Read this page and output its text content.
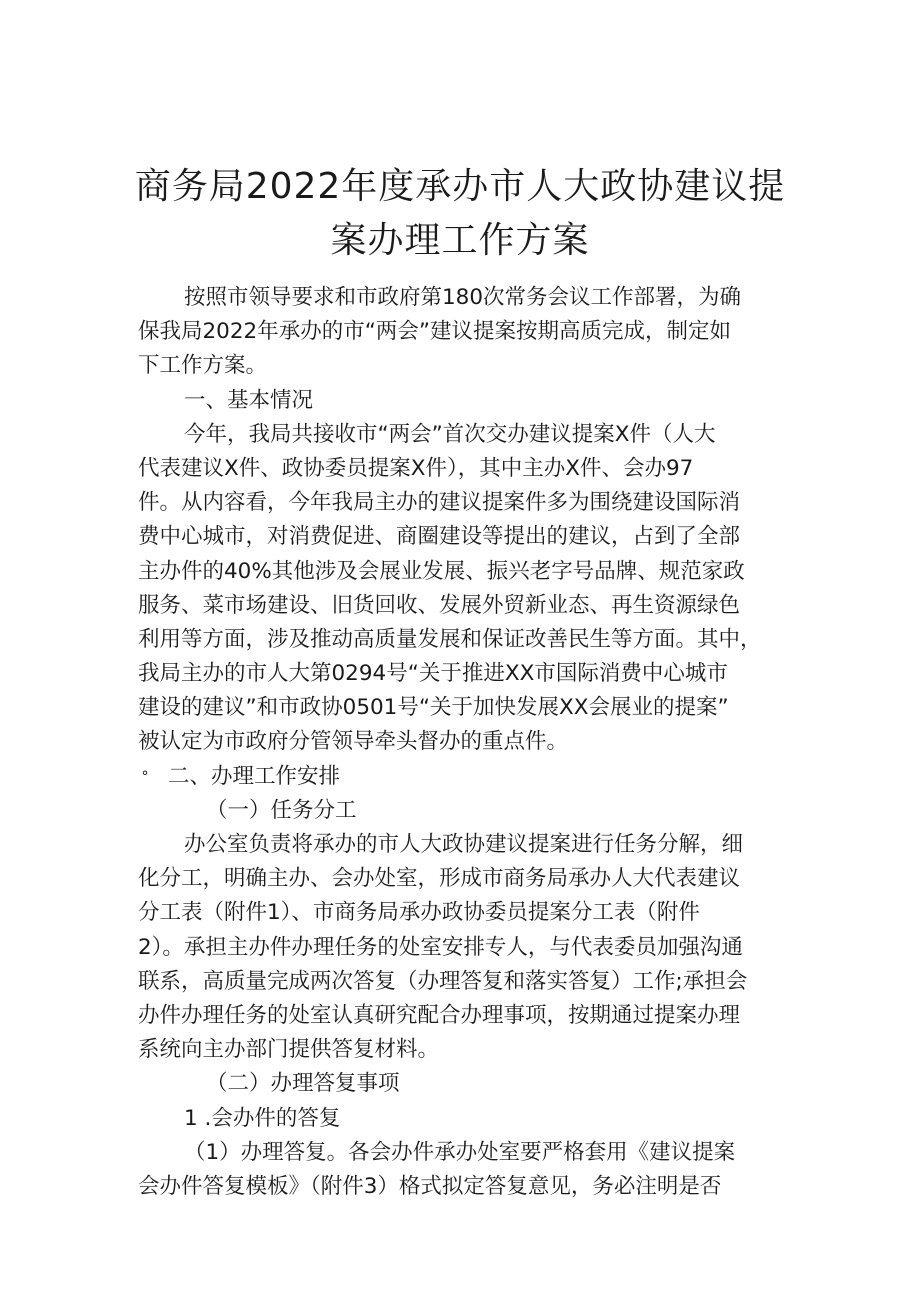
商务局2022年度承办市人大政协建议提
案办理工作方案
按照市领导要求和市政府第180次常务会议工作部署，为确
保我局2022年承办的市“两会”建议提案按期高质完成，制定如
下工作方案。
一、基本情况
今年，我局共接收市“两会”首次交办建议提案X件（人大
代表建议X件、政协委员提案X件），其中主办X件、会办97
件。从内容看，今年我局主办的建议提案件多为围绕建设国际消
费中心城市，对消费促进、商圈建设等提出的建议，占到了全部
主办件的40%其他涉及会展业发展、振兴老字号品牌、规范家政
服务、菜市场建设、旧货回收、发展外贸新业态、再生资源绿色
利用等方面，涉及推动高质量发展和保证改善民生等方面。其中，
我局主办的市人大第0294号“关于推进XX市国际消费中心城市
建设的建议”和市政协0501号“关于加快发展XX会展业的提案”
被认定为市政府分管领导牵头督办的重点件。
° 二、办理工作安排
（一）任务分工
办公室负责将承办的市人大政协建议提案进行任务分解，细
化分工，明确主办、会办处室，形成市商务局承办人大代表建议
分工表（附件1）、市商务局承办政协委员提案分工表（附件
2）。承担主办件办理任务的处室安排专人，与代表委员加强沟通
联系，高质量完成两次答复（办理答复和落实答复）工作;承担会
办件办理任务的处室认真研究配合办理事项，按期通过提案办理
系统向主办部门提供答复材料。
（二）办理答复事项
1 .会办件的答复
（1）办理答复。各会办件承办处室要严格套用《建议提案
会办件答复模板》（附件3）格式拟定答复意见，务必注明是否
